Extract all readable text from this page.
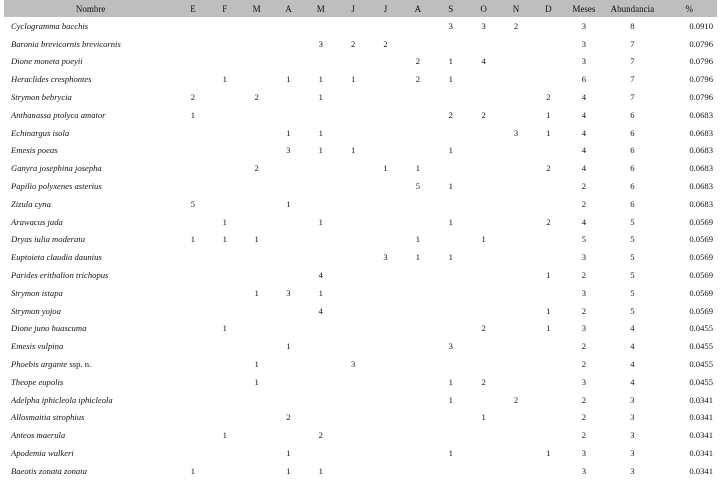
Nombre	E	F	M	A	M	J	J	A	S	O	N	D	Meses	Abundancia	%
Cyclogramma bacchis									3	3	2		3	8	0.0910
Baronia brevicornis brevicornis					3	2	2						3	7	0.0796
Dione moneta poeyii								2	1	4			3	7	0.0796
Heraclides cresphontes		1		1	1	1		2	1				6	7	0.0796
Strymon bebrycia	2		2		1							2	4	7	0.0796
Anthanassa ptolyca amator	1								2	2		1	4	6	0.0683
Echinargus isola				1	1						3	1	4	6	0.0683
Emesis poeas				3	1	1			1				4	6	0.0683
Ganyra josephina josepha			2				1	1				2	4	6	0.0683
Papilio polyxenes asterius								5	1				2	6	0.0683
Zizula cyna	5			1									2	6	0.0683
Arawacus jada		1			1				1			2	4	5	0.0569
Dryas iulia moderata	1	1	1					1		1			5	5	0.0569
Euptoieta claudia daunius							3	1	1				3	5	0.0569
Parides erithalion trichopus					4							1	2	5	0.0569
Strymon istapa			1	3	1								3	5	0.0569
Strymon yojoa					4							1	2	5	0.0569
Dione juno huascuma		1								2		1	3	4	0.0455
Emesis vulpina				1					3				2	4	0.0455
Phoebis argante ssp. n.			1			3							2	4	0.0455
Theope eupolis			1						1	2			3	4	0.0455
Adelpha iphicleola iphicleola									1		2		2	3	0.0341
Allosmaitia strophius				2						1			2	3	0.0341
Anteos maerula		1			2								2	3	0.0341
Apodemia walkeri				1					1			1	3	3	0.0341
Baeotis zonata zonata	1			1	1								3	3	0.0341
